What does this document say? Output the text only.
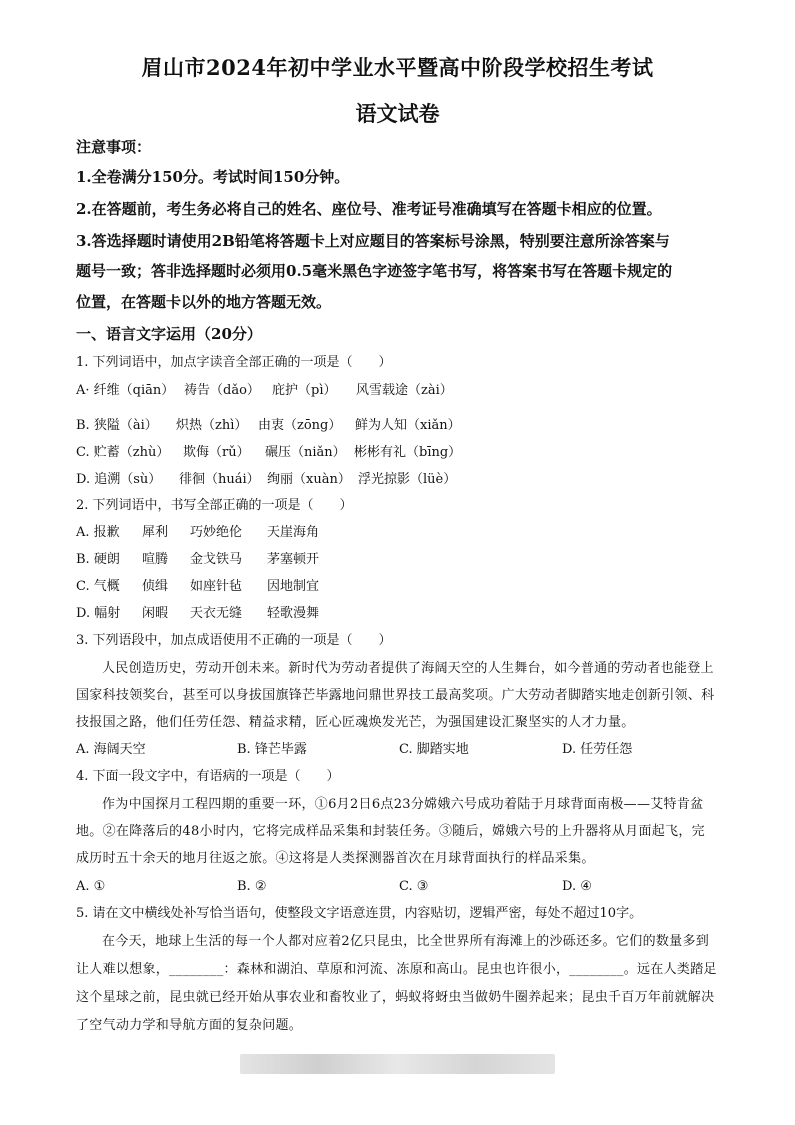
眉山市2024年初中学业水平暨高中阶段学校招生考试
语文试卷
注意事项：
1.全卷满分150分。考试时间150分钟。
2.在答题前，考生务必将自己的姓名、座位号、准考证号准确填写在答题卡相应的位置。
3.答选择题时请使用2B铅笔将答题卡上对应题目的答案标号涂黑，特别要注意所涂答案与
题号一致；答非选择题时必须用0.5毫米黑色字迹签字笔书写，将答案书写在答题卡规定的
位置，在答题卡以外的地方答题无效。
一、语言文字运用（20分）
1. 下列词语中，加点字读音全部正确的一项是（　　）
A· 纤维（qiān） 祷告（dǎo） 庇护（pì） 风雪载途（zài）
B. 狭隘（ài） 炽热（zhì） 由衷（zōng） 鲜为人知（xiǎn）
C. 贮蓄（zhù） 欺侮（rǔ） 碾压（niǎn） 彬彬有礼（bīng）
D. 追溯（sù） 徘徊（huái） 绚丽（xuàn） 浮光掠影（lüè）
2. 下列词语中，书写全部正确的一项是（　　）
A. 报歉 犀利 巧妙绝伦 天崖海角
B. 硬朗 喧腾 金戈铁马 茅塞顿开
C. 气概 侦缉 如座针毡 因地制宜
D. 幅射 闲暇 天衣无缝 轻歌漫舞
3. 下列语段中，加点成语使用不正确的一项是（　　）
人民创造历史，劳动开创未来。新时代为劳动者提供了海阔天空的人生舞台，如今普通的劳动者也能登上国家科技领奖台，甚至可以身拔国旗锋芒毕露地问鼎世界技工最高奖项。广大劳动者脚踏实地走创新引领、科技报国之路，他们任劳任怨、精益求精，匠心匠魂焕发光芒，为强国建设汇聚坚实的人才力量。
A. 海阔天空	B. 锋芒毕露	C. 脚踏实地	D. 任劳任怨
4. 下面一段文字中，有语病的一项是（　　）
作为中国探月工程四期的重要一环，①6月2日6点23分嫦娥六号成功着陆于月球背面南极——艾特肯盆地。②在降落后的48小时内，它将完成样品采集和封装任务。③随后，嫦娥六号的上升器将从月面起飞，完成历时五十余天的地月往返之旅。④这将是人类探测器首次在月球背面执行的样品采集。
A. ①	B. ②	C. ③	D. ④
5. 请在文中横线处补写恰当语句，使整段文字语意连贯，内容贴切，逻辑严密，每处不超过10字。
在今天，地球上生活的每一个人都对应着2亿只昆虫，比全世界所有海滩上的沙砾还多。它们的数量多到让人难以想象，________：森林和湖泊、草原和河流、冻原和高山。昆虫也许很小，________。远在人类踏足这个星球之前，昆虫就已经开始从事农业和畜牧业了，蚂蚁将蚜虫当做奶牛圈养起来；昆虫千百万年前就解决了空气动力学和导航方面的复杂问题。
